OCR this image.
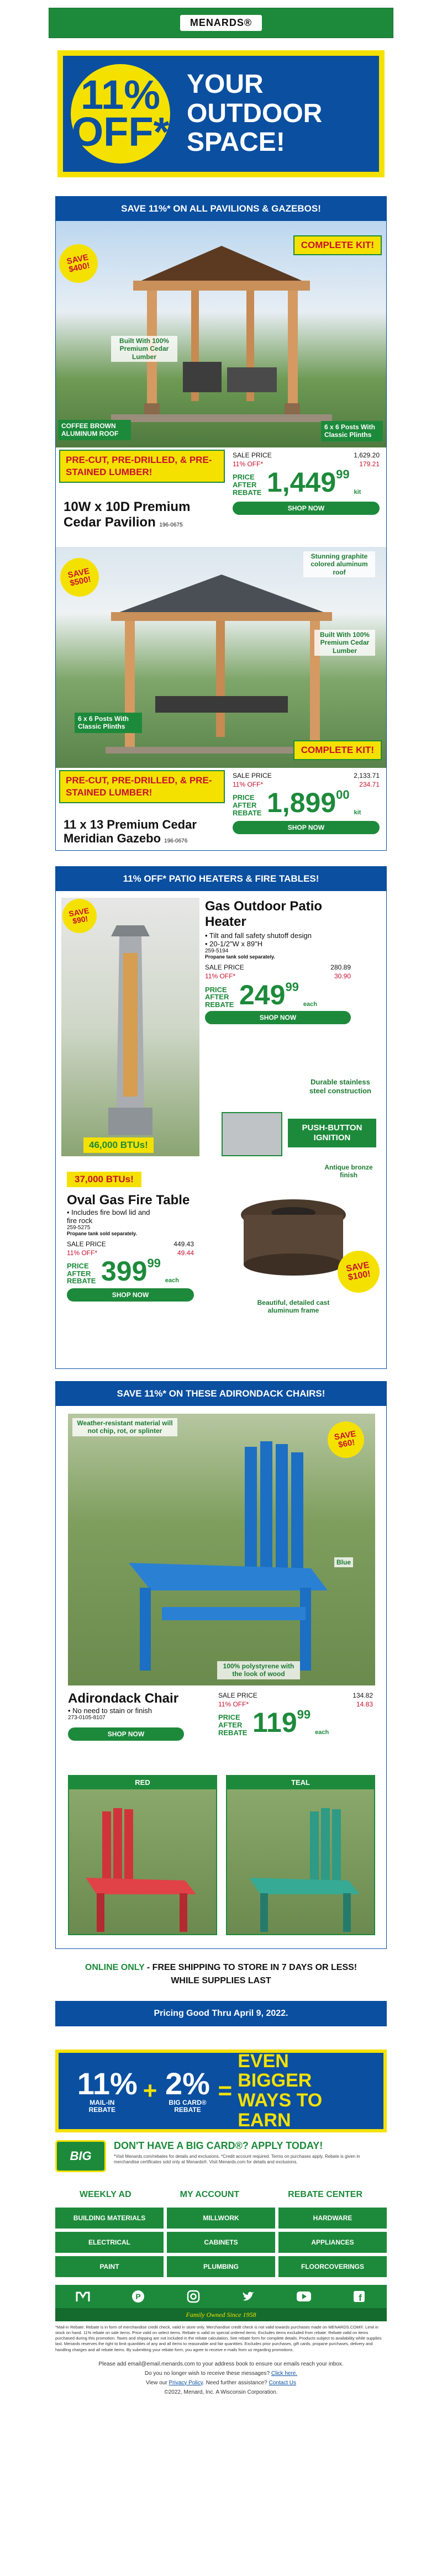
MENARDS®
11%
OFF*
YOUR OUTDOOR SPACE!
SAVE 11%* ON ALL PAVILIONS & GAZEBOS!
SAVE $400!
COMPLETE KIT!
Built With 100% Premium Cedar Lumber
COFFEE BROWN ALUMINUM ROOF
6 x 6 Posts With Classic Plinths
PRE-CUT, PRE-DRILLED, & PRE-STAINED LUMBER!
10W x 10D Premium Cedar Pavilion 196-0675
SALE PRICE	1,629.20
11% OFF*	179.21
PRICE AFTER REBATE 1,449$^{99}$
kit
SHOP NOW
SAVE $500!
Stunning graphite colored aluminum roof
Built With 100% Premium Cedar Lumber
6 x 6 Posts With Classic Plinths
COMPLETE KIT!
PRE-CUT, PRE-DRILLED, & PRE-STAINED LUMBER!
11 x 13 Premium Cedar Meridian Gazebo 196-0676
SALE PRICE	2,133.71
11% OFF*	234.71
PRICE AFTER REBATE 1,899$^{00}$
kit
SHOP NOW
11% OFF* PATIO HEATERS & FIRE TABLES!
SAVE $90!
46,000 BTUs!
Gas Outdoor Patio Heater
• Tilt and fall safety shutoff design
• 20-1/2"W x 89"H
259-5194
Propane tank sold separately.
SALE PRICE	280.89
11% OFF*	30.90
PRICE AFTER REBATE $249^{99}$
each
SHOP NOW
Durable stainless steel construction
PUSH-BUTTON IGNITION
37,000 BTUs!
Oval Gas Fire Table
• Includes fire bowl lid and fire rock
259-5275
Propane tank sold separately.
SALE PRICE	449.43
11% OFF*	49.44
PRICE AFTER REBATE $399^{99}$
each
SHOP NOW
Antique bronze finish
SAVE $100!
Beautiful, detailed cast aluminum frame
SAVE 11%* ON THESE ADIRONDACK CHAIRS!
Weather-resistant material will not chip, rot, or splinter	SAVE $60!
Blue
100% polystyrene with the look of wood
Adirondack Chair
• No need to stain or finish
273-0105-8107
SHOP NOW
SALE PRICE	134.82
11% OFF*	14.83
PRICE AFTER REBATE $119^{99}$
each
RED	TEAL
ONLINE ONLY - FREE SHIPPING TO STORE IN 7 DAYS OR LESS!
WHILE SUPPLIES LAST
Pricing Good Thru April 9, 2022.
11%
MAIL-IN REBATE
+ 2%
BIG CARD® REBATE
=
EVEN BIGGER WAYS TO EARN
BIG
DON'T HAVE A BIG CARD®? APPLY TODAY!
*Visit Menards.com/rebates for details and exclusions. *Credit account required. Terms on purchases apply. Rebate is given in merchandise certificates sold only at Menards®. Visit Menards.com for details and exclusions.
WEEKLY AD	MY ACCOUNT	REBATE CENTER
BUILDING MATERIALS	MILLWORK	HARDWARE
ELECTRICAL	CABINETS	APPLIANCES
PAINT	PLUMBING	FLOORCOVERINGS
P	f
Family Owned Since 1958
*Mail-in Rebate. Rebate is in form of merchandise credit check, valid in store only. Merchandise credit check is not valid towards purchases made on MENARDS.COM®. Limit in stock on hand. 11% rebate on sale items. Price valid on select items. Rebate is valid on special ordered items. Excludes items excluded from rebate. Rebate valid on items purchased during this promotion. Taxes and shipping are not included in the rebate calculation. See rebate form for complete details. Products subject to availability while supplies last. Menards reserves the right to limit quantities of any and all items to reasonable and fair quantities. Excludes prior purchases, gift cards, propane purchases, delivery and handling charges and all rebate items. By submitting your rebate form, you agree to receive e-mails from us regarding promotions.
Please add email@email.menards.com to your address book to ensure our emails reach your inbox.
Do you no longer wish to receive these messages? Click here.
View our Privacy Policy. Need further assistance? Contact Us
©2022, Menard, Inc. A Wisconsin Corporation.
